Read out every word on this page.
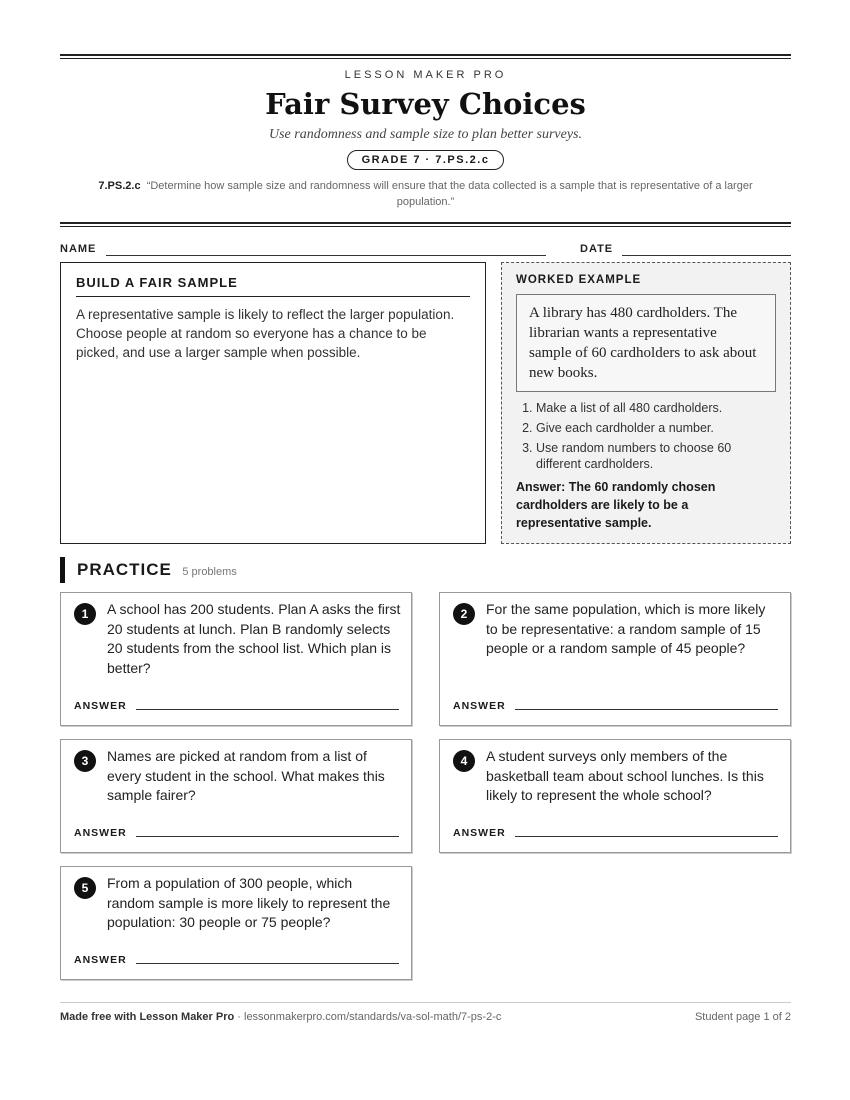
LESSON MAKER PRO
Fair Survey Choices
Use randomness and sample size to plan better surveys.
GRADE 7 · 7.PS.2.c
7.PS.2.c “Determine how sample size and randomness will ensure that the data collected is a sample that is representative of a larger population.”
NAME	DATE
BUILD A FAIR SAMPLE

A representative sample is likely to reflect the larger population. Choose people at random so everyone has a chance to be picked, and use a larger sample when possible.

WORKED EXAMPLE
A library has 480 cardholders. The librarian wants a representative sample of 60 cardholders to ask about new books.
1. Make a list of all 480 cardholders.
2. Give each cardholder a number.
3. Use random numbers to choose 60 different cardholders.
Answer: The 60 randomly chosen cardholders are likely to be a representative sample.
PRACTICE 5 problems
1	A school has 200 students. Plan A asks the first 20 students at lunch. Plan B randomly selects 20 students from the school list. Which plan is better?
ANSWER
2	For the same population, which is more likely to be representative: a random sample of 15 people or a random sample of 45 people?
ANSWER
3	Names are picked at random from a list of every student in the school. What makes this sample fairer?
ANSWER
4	A student surveys only members of the basketball team about school lunches. Is this likely to represent the whole school?
ANSWER
5	From a population of 300 people, which random sample is more likely to represent the population: 30 people or 75 people?
ANSWER
Made free with Lesson Maker Pro · lessonmakerpro.com/standards/va-sol-math/7-ps-2-c	Student page 1 of 2
